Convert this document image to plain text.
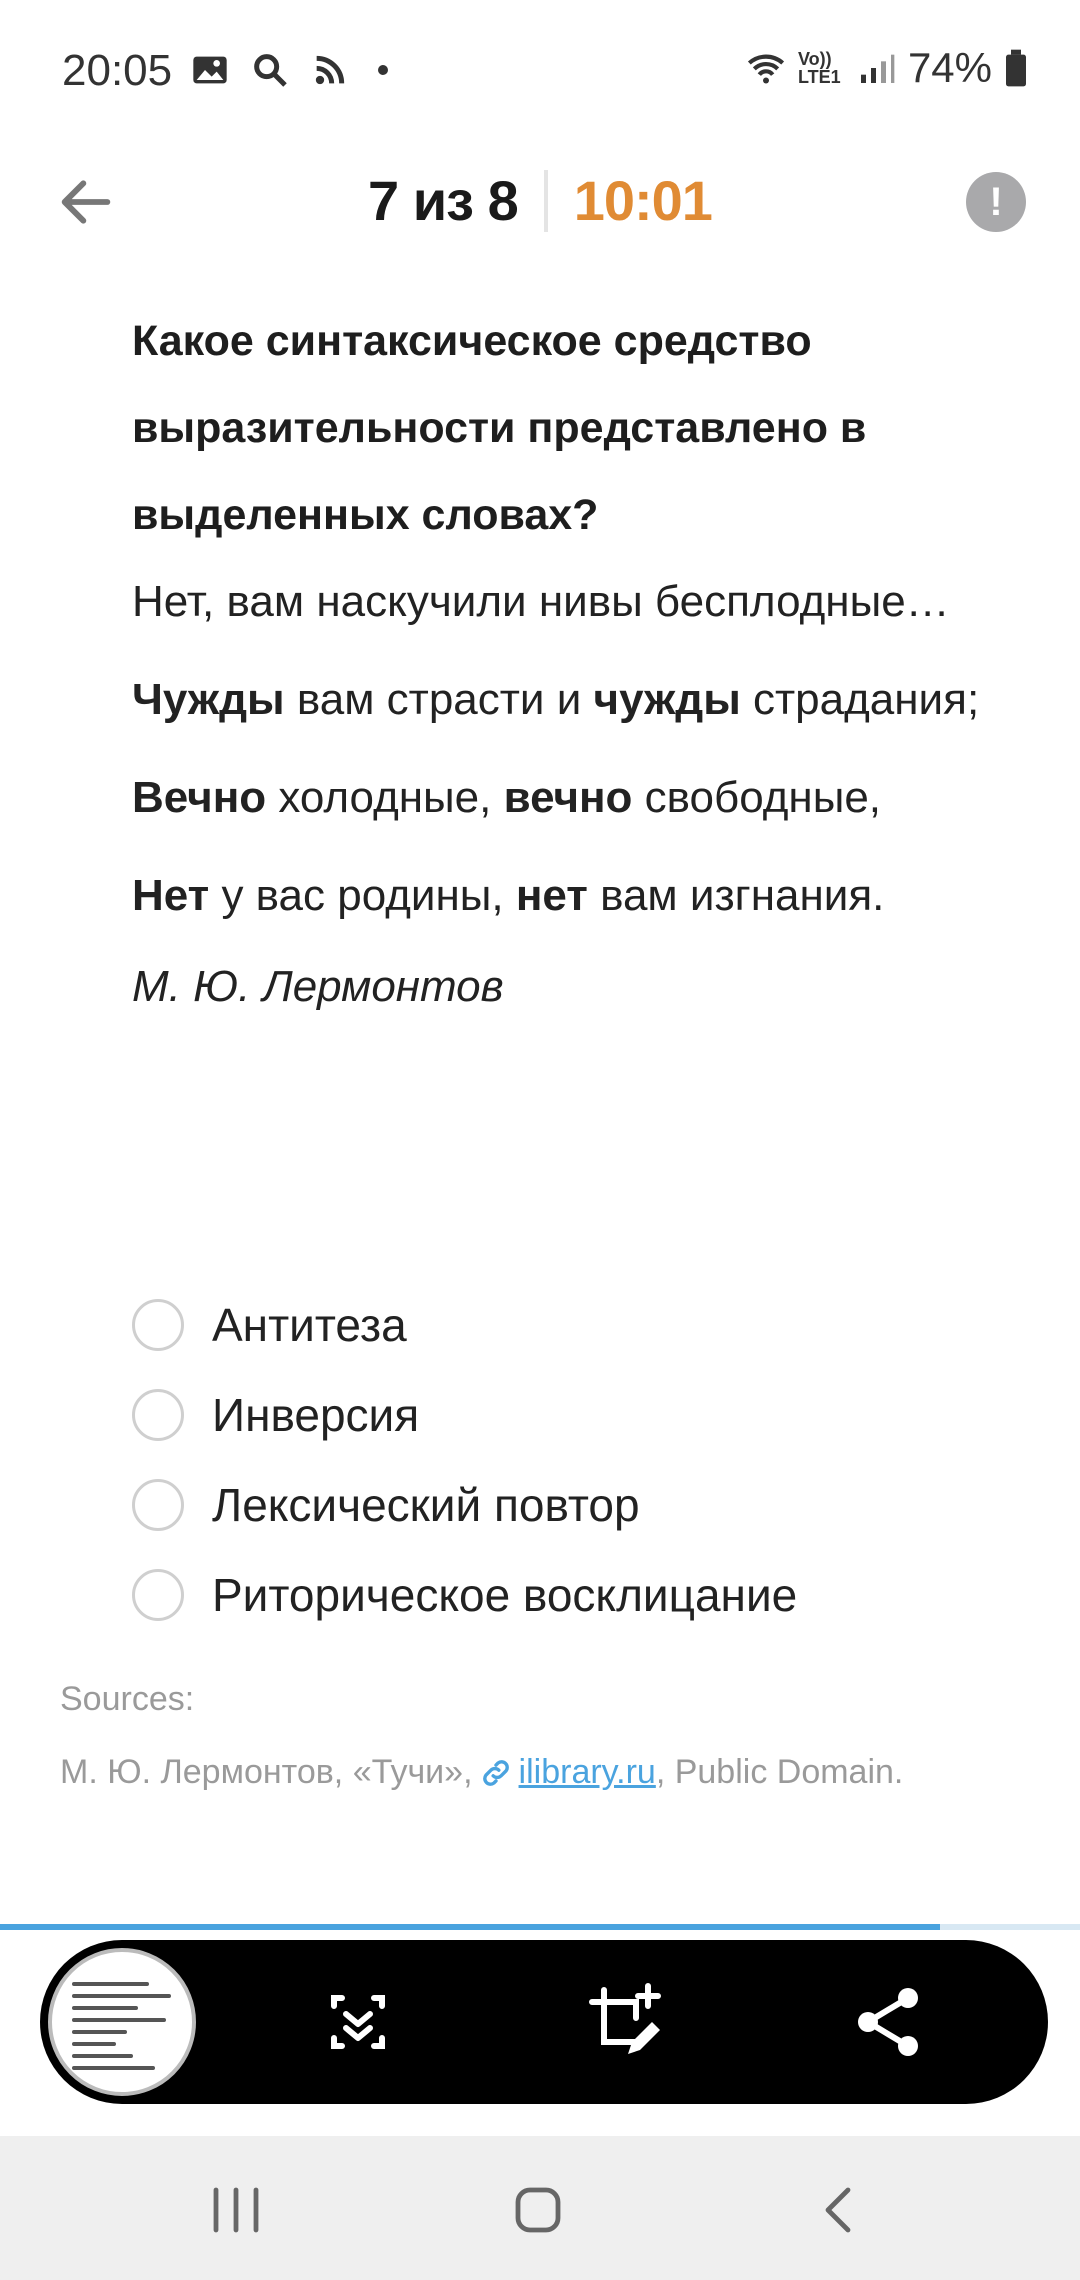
20:05	Vo)) LTE1 74%
7 из 8 10:01	!

Какое синтаксическое средство выразительности представлено в выделенных словах?

Нет, вам наскучили нивы бесплодные…
Чужды вам страсти и чужды страдания;
Вечно холодные, вечно свободные,
Нет у вас родины, нет вам изгнания.
М. Ю. Лермонтов
Антитеза
Инверсия
Лексический повтор
Риторическое восклицание
Sources:
М. Ю. Лермонтов, «Тучи», ilibrary.ru , Public Domain.
